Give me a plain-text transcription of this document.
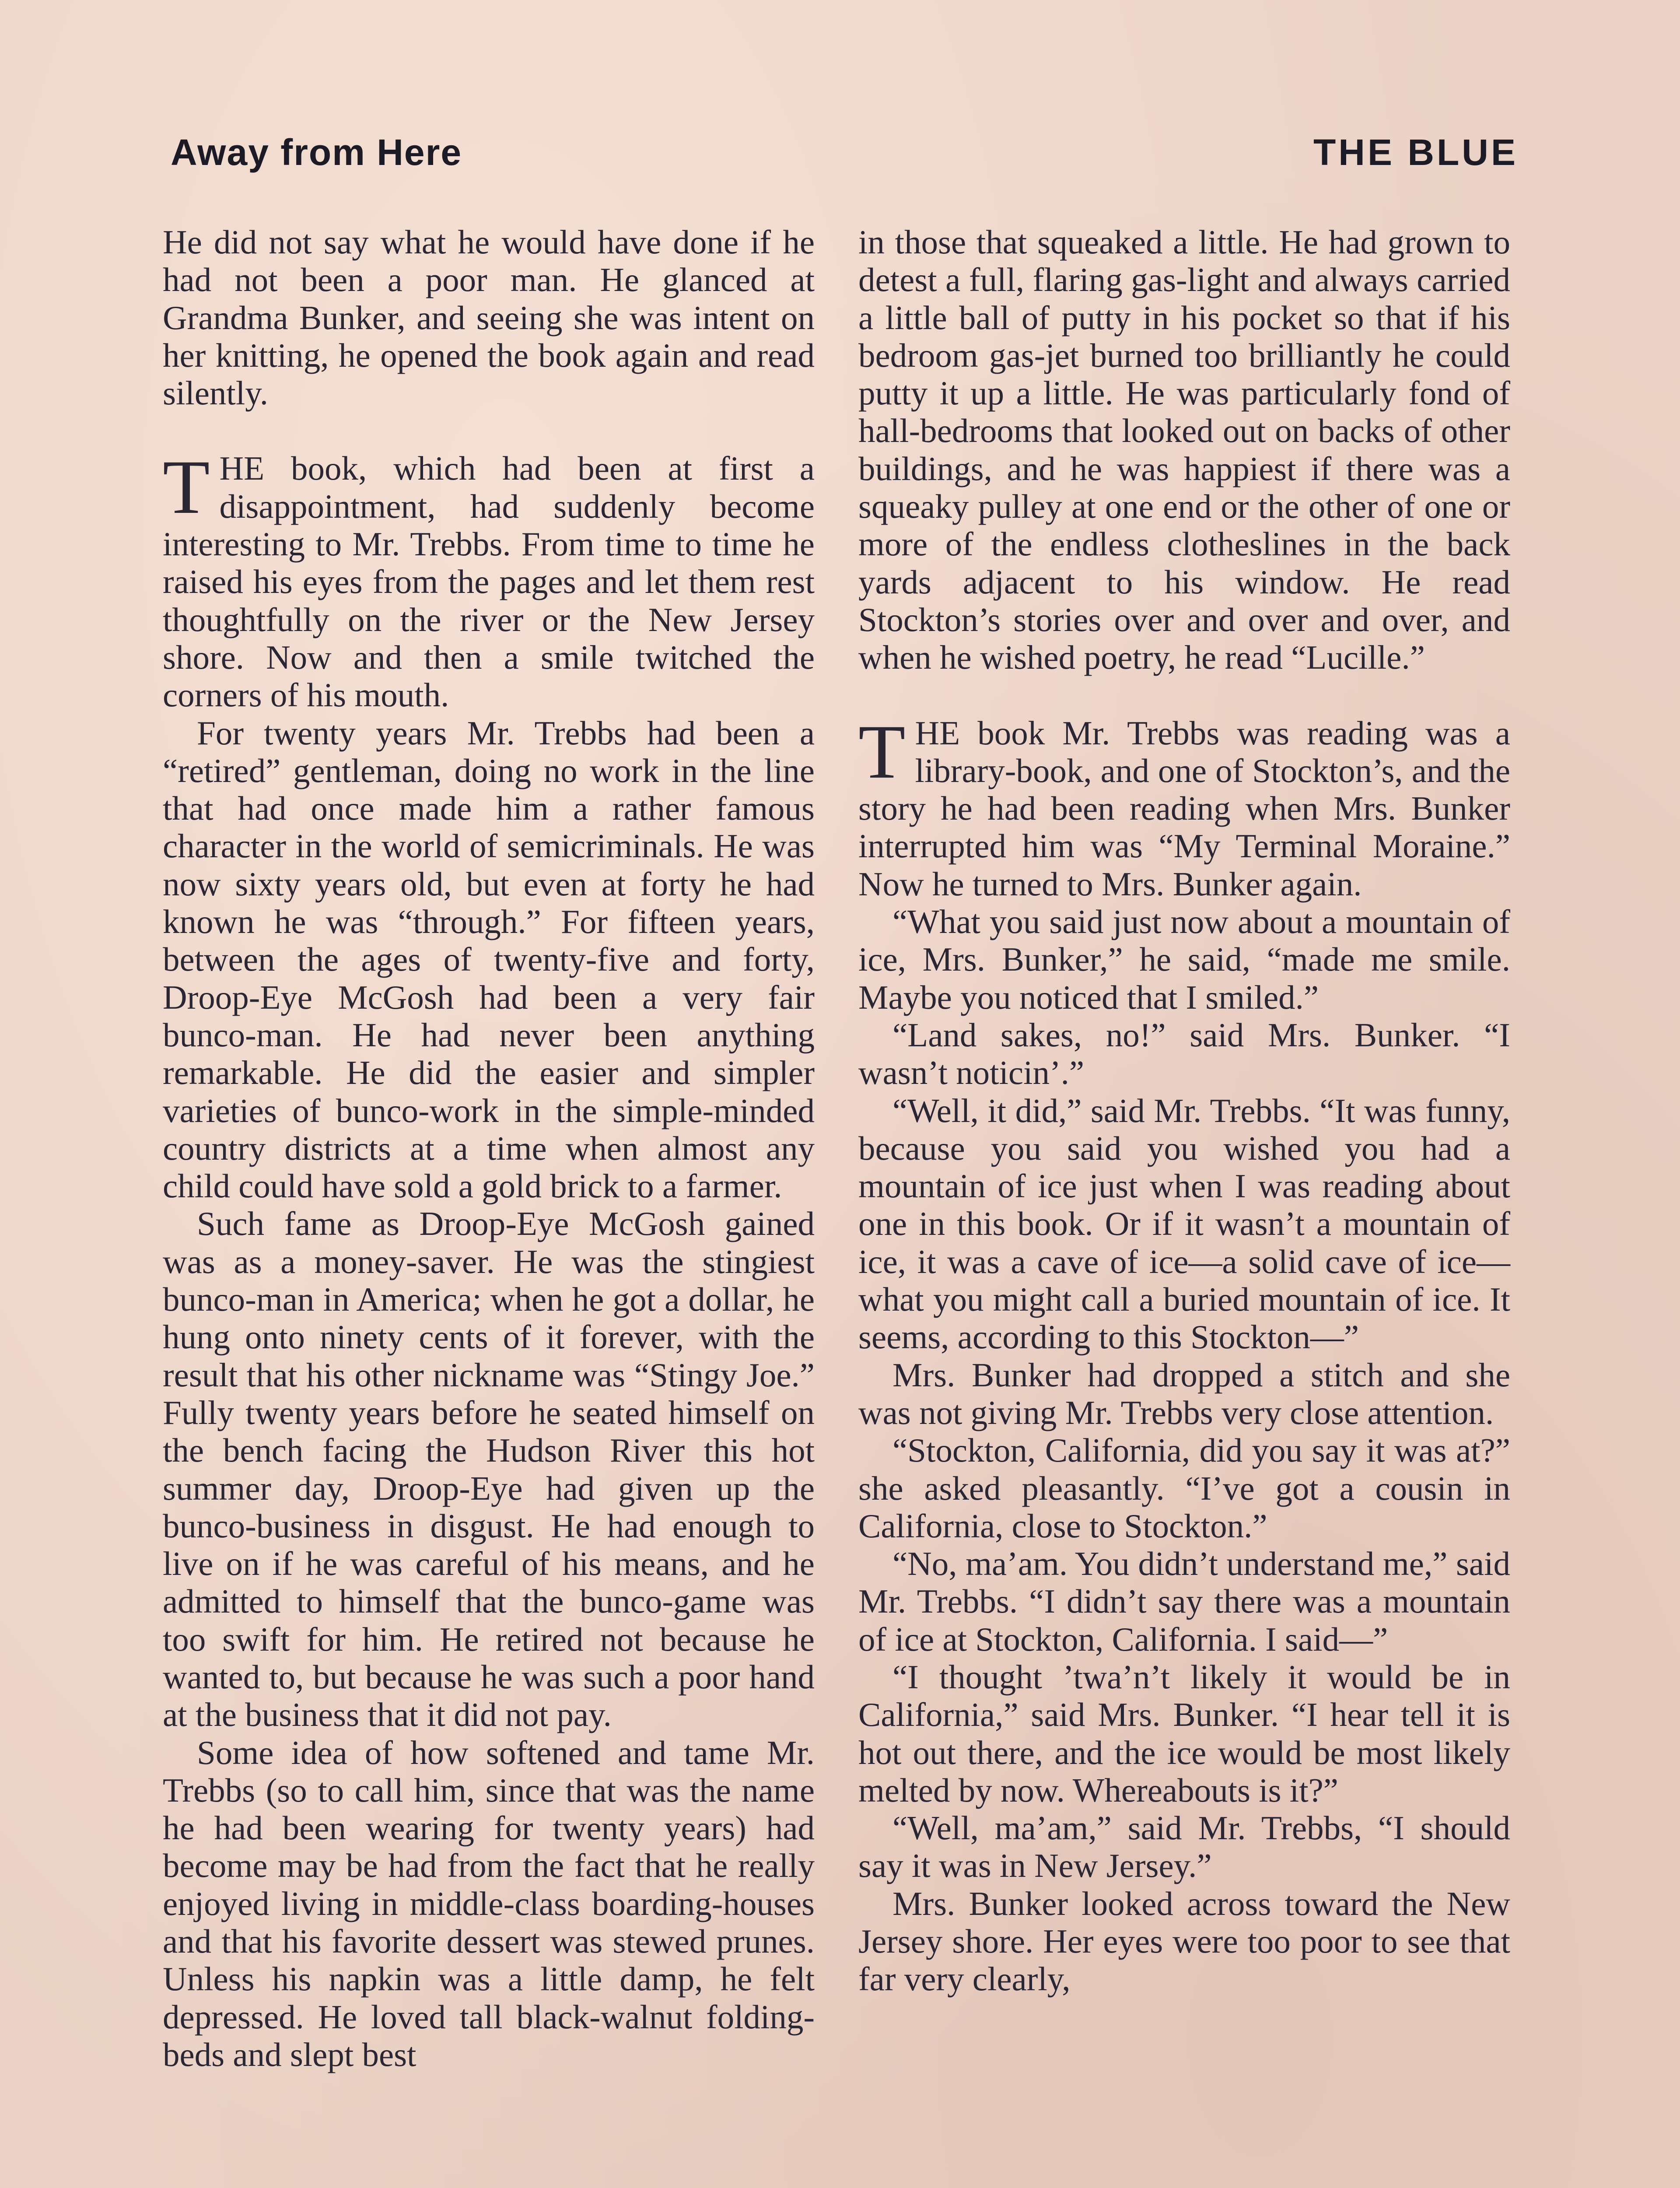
Away from Here	THE BLUE

He did not say what he would have done if he had not been a poor man. He glanced at Grandma Bunker, and seeing she was intent on her knitting, he opened the book again and read silently.

THE book, which had been at first a disappointment, had suddenly become interesting to Mr. Trebbs. From time to time he raised his eyes from the pages and let them rest thoughtfully on the river or the New Jersey shore. Now and then a smile twitched the corners of his mouth.

For twenty years Mr. Trebbs had been a “retired” gentleman, doing no work in the line that had once made him a rather famous character in the world of semicriminals. He was now sixty years old, but even at forty he had known he was “through.” For fifteen years, between the ages of twenty-five and forty, Droop-Eye McGosh had been a very fair bunco-man. He had never been anything remarkable. He did the easier and simpler varieties of bunco-work in the simple-minded country districts at a time when almost any child could have sold a gold brick to a farmer.

Such fame as Droop-Eye McGosh gained was as a money-saver. He was the stingiest bunco-man in America; when he got a dollar, he hung onto ninety cents of it forever, with the result that his other nickname was “Stingy Joe.” Fully twenty years before he seated himself on the bench facing the Hudson River this hot summer day, Droop-Eye had given up the bunco-business in disgust. He had enough to live on if he was careful of his means, and he admitted to himself that the bunco-game was too swift for him. He retired not because he wanted to, but because he was such a poor hand at the business that it did not pay.

Some idea of how softened and tame Mr. Trebbs (so to call him, since that was the name he had been wearing for twenty years) had become may be had from the fact that he really enjoyed living in middle-class boarding-houses and that his favorite dessert was stewed prunes. Unless his napkin was a little damp, he felt depressed. He loved tall black-walnut folding-beds and slept best

in those that squeaked a little. He had grown to detest a full, flaring gas-light and always carried a little ball of putty in his pocket so that if his bedroom gas-jet burned too brilliantly he could putty it up a little. He was particularly fond of hall-bedrooms that looked out on backs of other buildings, and he was happiest if there was a squeaky pulley at one end or the other of one or more of the endless clotheslines in the back yards adjacent to his window. He read Stockton’s stories over and over and over, and when he wished poetry, he read “Lucille.”

THE book Mr. Trebbs was reading was a library-book, and one of Stockton’s, and the story he had been reading when Mrs. Bunker interrupted him was “My Terminal Moraine.” Now he turned to Mrs. Bunker again.

“What you said just now about a mountain of ice, Mrs. Bunker,” he said, “made me smile. Maybe you noticed that I smiled.”

“Land sakes, no!” said Mrs. Bunker. “I wasn’t noticin’.”

“Well, it did,” said Mr. Trebbs. “It was funny, because you said you wished you had a mountain of ice just when I was reading about one in this book. Or if it wasn’t a mountain of ice, it was a cave of ice—a solid cave of ice—what you might call a buried mountain of ice. It seems, according to this Stockton—”

Mrs. Bunker had dropped a stitch and she was not giving Mr. Trebbs very close attention.

“Stockton, California, did you say it was at?” she asked pleasantly. “I’ve got a cousin in California, close to Stockton.”

“No, ma’am. You didn’t understand me,” said Mr. Trebbs. “I didn’t say there was a mountain of ice at Stockton, California. I said—”

“I thought ’twa’n’t likely it would be in California,” said Mrs. Bunker. “I hear tell it is hot out there, and the ice would be most likely melted by now. Whereabouts is it?”

“Well, ma’am,” said Mr. Trebbs, “I should say it was in New Jersey.”

Mrs. Bunker looked across toward the New Jersey shore. Her eyes were too poor to see that far very clearly,
